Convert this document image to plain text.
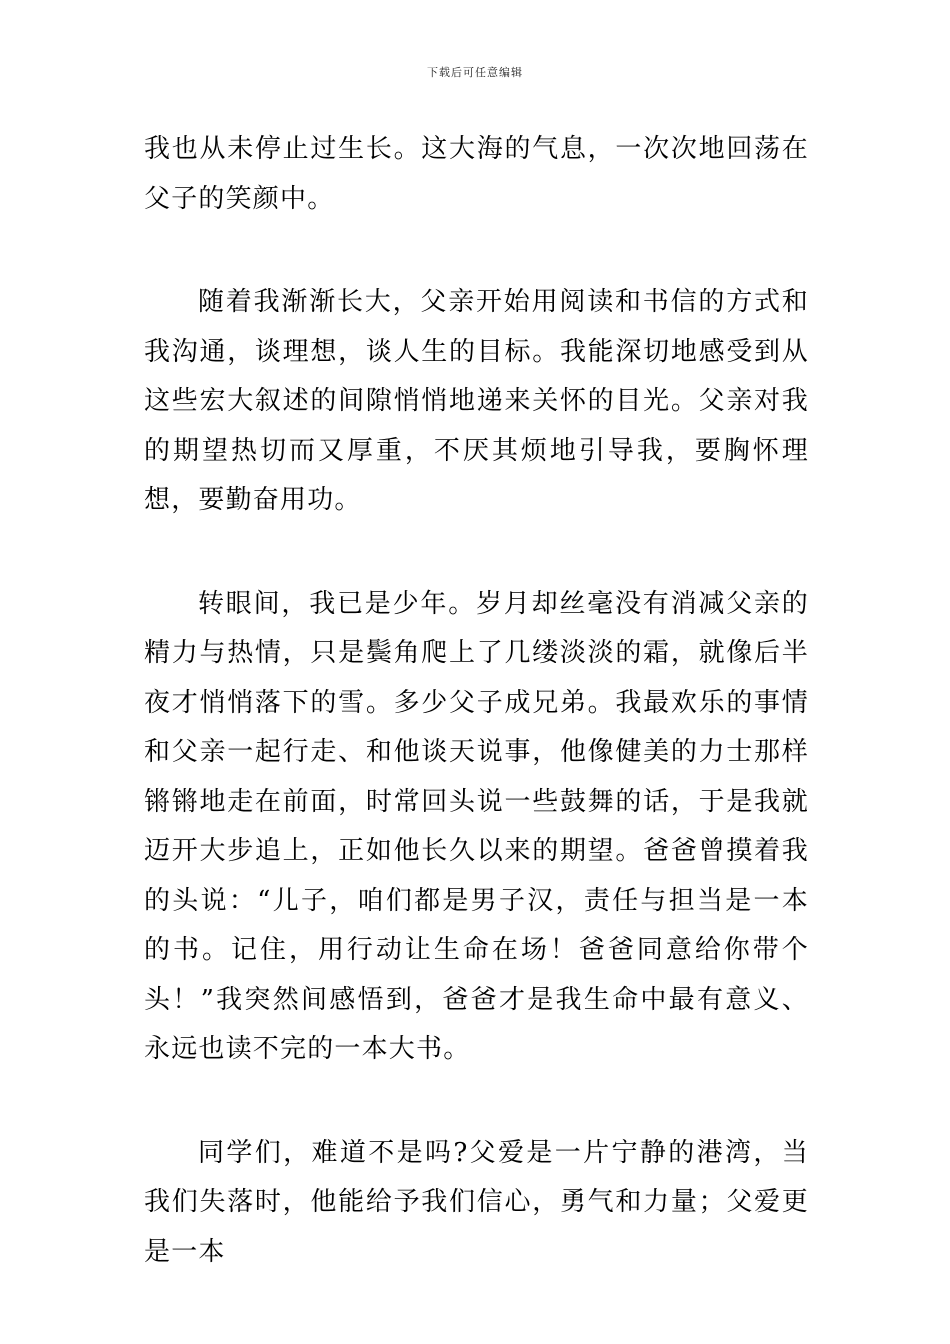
下载后可任意编辑

我也从未停止过生长。这大海的气息，一次次地回荡在父子的笑颜中。

随着我渐渐长大，父亲开始用阅读和书信的方式和我沟通，谈理想，谈人生的目标。我能深切地感受到从这些宏大叙述的间隙悄悄地递来关怀的目光。父亲对我的期望热切而又厚重，不厌其烦地引导我，要胸怀理想，要勤奋用功。

转眼间，我已是少年。岁月却丝毫没有消减父亲的精力与热情，只是鬓角爬上了几缕淡淡的霜，就像后半夜才悄悄落下的雪。多少父子成兄弟。我最欢乐的事情和父亲一起行走、和他谈天说事，他像健美的力士那样锵锵地走在前面，时常回头说一些鼓舞的话，于是我就迈开大步追上，正如他长久以来的期望。爸爸曾摸着我的头说：“儿子，咱们都是男子汉，责任与担当是一本的书。记住，用行动让生命在场！爸爸同意给你带个头！”我突然间感悟到，爸爸才是我生命中最有意义、永远也读不完的一本大书。

同学们，难道不是吗?父爱是一片宁静的港湾，当我们失落时，他能给予我们信心，勇气和力量；父爱更是一本
